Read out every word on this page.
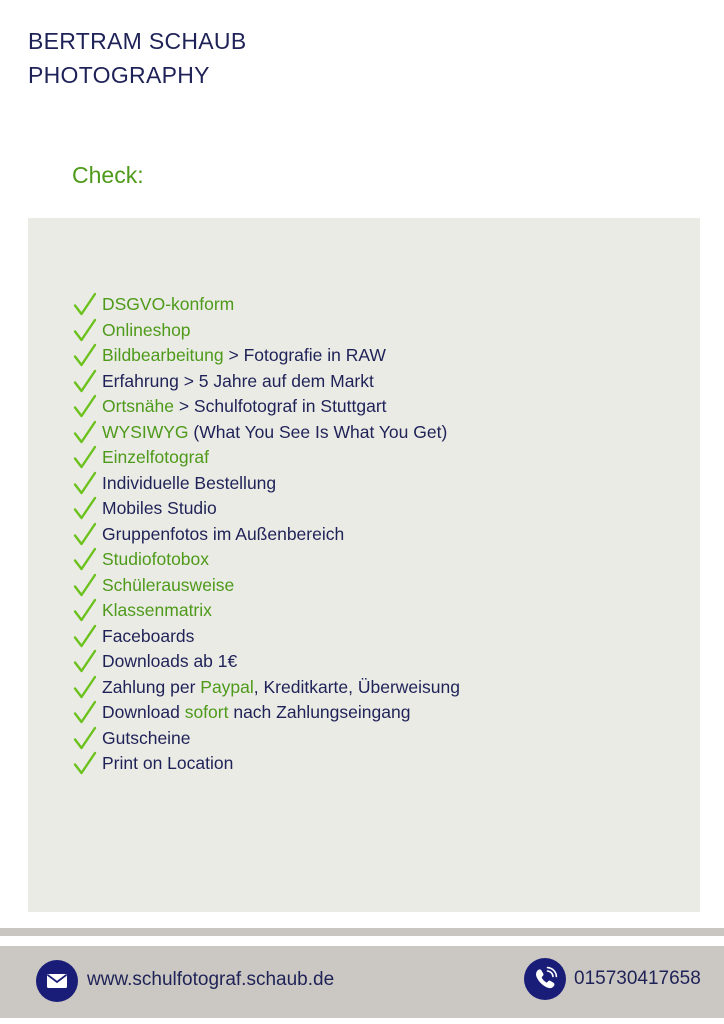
BERTRAM SCHAUB
PHOTOGRAPHY
Check:
DSGVO-konform
Onlineshop
Bildbearbeitung > Fotografie in RAW
Erfahrung > 5 Jahre auf dem Markt
Ortsnähe > Schulfotograf in Stuttgart
WYSIWYG (What You See Is What You Get)
Einzelfotograf
Individuelle Bestellung
Mobiles Studio
Gruppenfotos im Außenbereich
Studiofotobox
Schülerausweise
Klassenmatrix
Faceboards
Downloads ab 1€
Zahlung per Paypal , Kreditkarte, Überweisung
Download sofort nach Zahlungseingang
Gutscheine
Print on Location
www.schulfotograf.schaub.de	015730417658
